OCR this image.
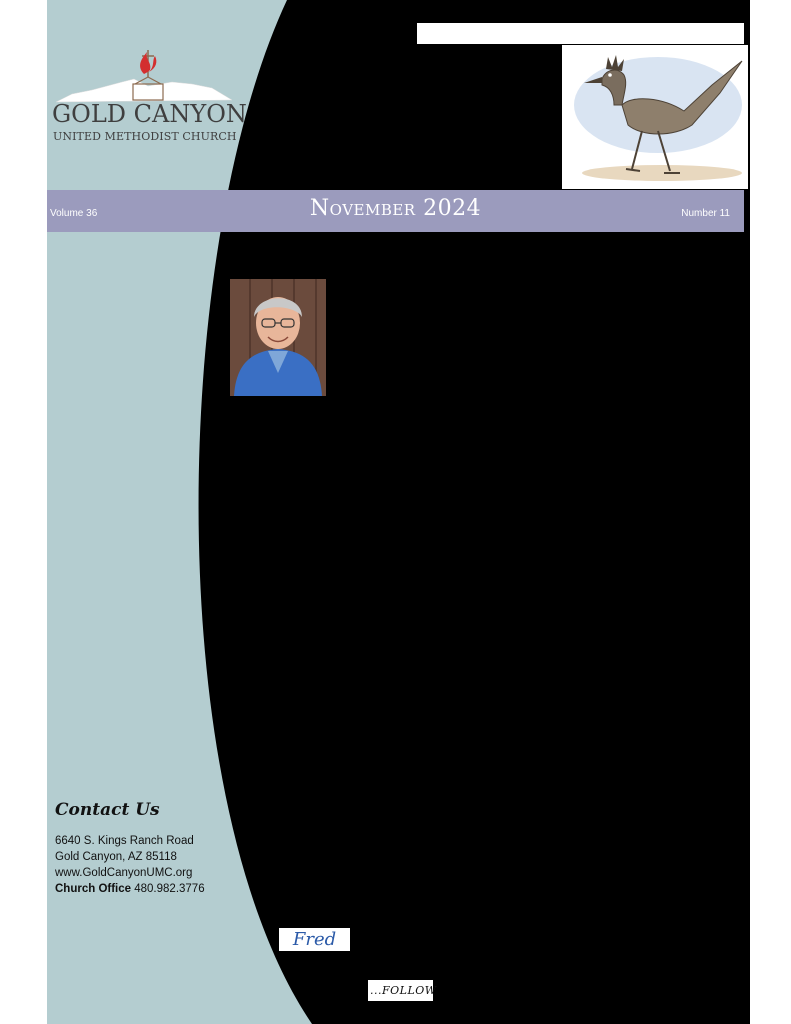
GOLD CANYON
UNITED METHODIST CHURCH
Volume 36	November 2024	Number 11
Contact Us
6640 S. Kings Ranch Road
Gold Canyon, AZ 85118
www.GoldCanyonUMC.org
Church Office 480.982.3776
Fred
...FOLLOW
